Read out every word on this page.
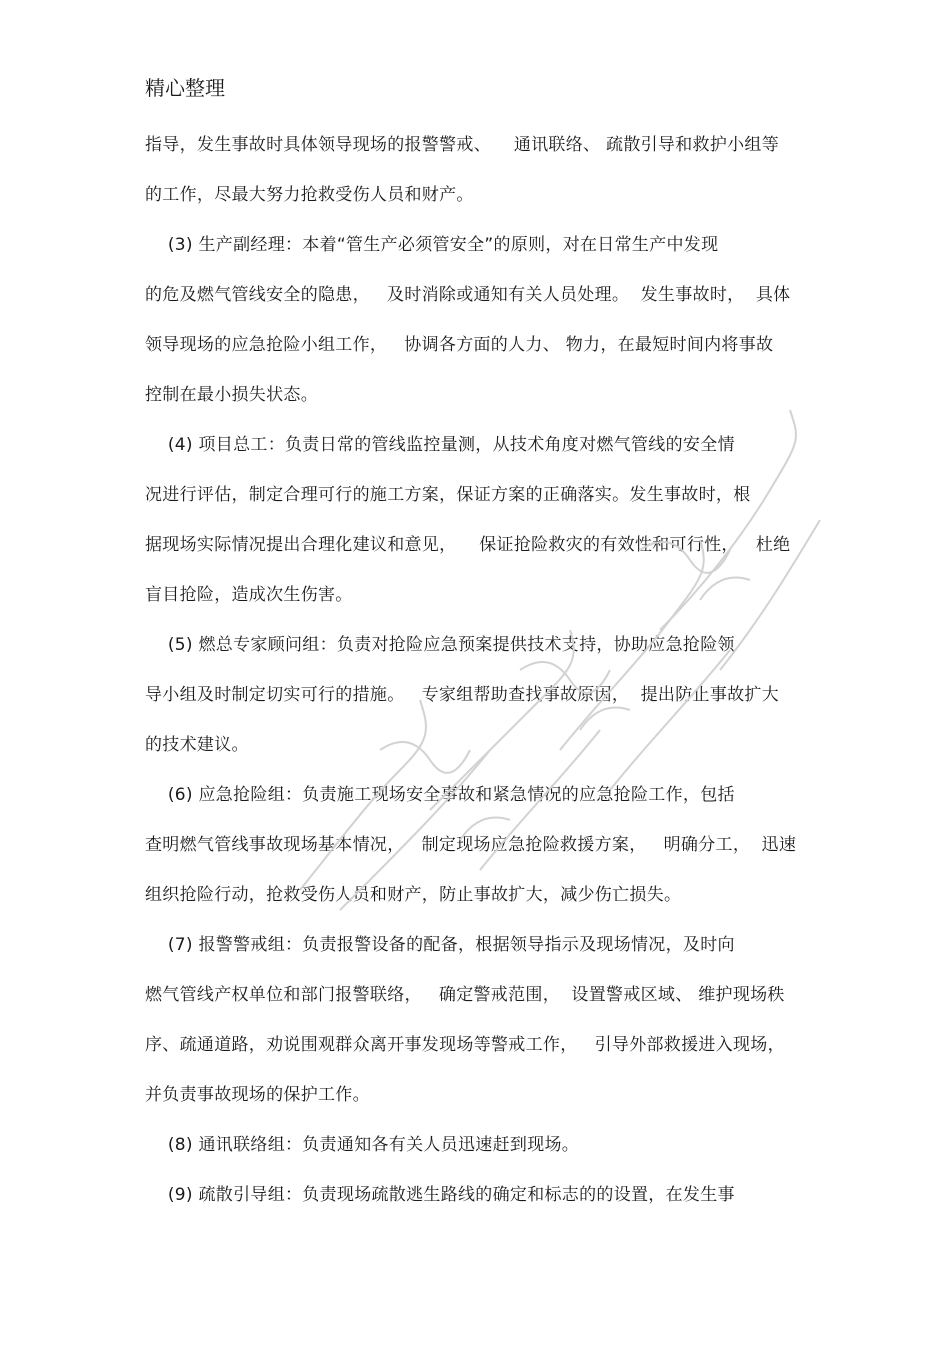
精心整理
指导，发生事故时具体领导现场的报警警戒、    通讯联络、 疏散引导和救护小组等
的工作，尽最大努力抢救受伤人员和财产。
(3) 生产副经理：本着“管生产必须管安全”的原则，对在日常生产中发现
的危及燃气管线安全的隐患，   及时消除或通知有关人员处理。  发生事故时，  具体
领导现场的应急抢险小组工作，   协调各方面的人力、 物力，在最短时间内将事故
控制在最小损失状态。
(4) 项目总工：负责日常的管线监控量测，从技术角度对燃气管线的安全情
况进行评估，制定合理可行的施工方案，保证方案的正确落实。发生事故时，根
据现场实际情况提出合理化建议和意见，    保证抢险救灾的有效性和可行性，   杜绝
盲目抢险，造成次生伤害。
(5) 燃总专家顾问组：负责对抢险应急预案提供技术支持，协助应急抢险领
导小组及时制定切实可行的措施。   专家组帮助查找事故原因，  提出防止事故扩大
的技术建议。
(6) 应急抢险组：负责施工现场安全事故和紧急情况的应急抢险工作，包括
查明燃气管线事故现场基本情况，   制定现场应急抢险救援方案，   明确分工，  迅速
组织抢险行动，抢救受伤人员和财产，防止事故扩大，减少伤亡损失。
(7) 报警警戒组：负责报警设备的配备，根据领导指示及现场情况，及时向
燃气管线产权单位和部门报警联络，   确定警戒范围，  设置警戒区域、 维护现场秩
序、疏通道路，劝说围观群众离开事发现场等警戒工作，   引导外部救援进入现场，
并负责事故现场的保护工作。
(8) 通讯联络组：负责通知各有关人员迅速赶到现场。
(9) 疏散引导组：负责现场疏散逃生路线的确定和标志的的设置，在发生事
